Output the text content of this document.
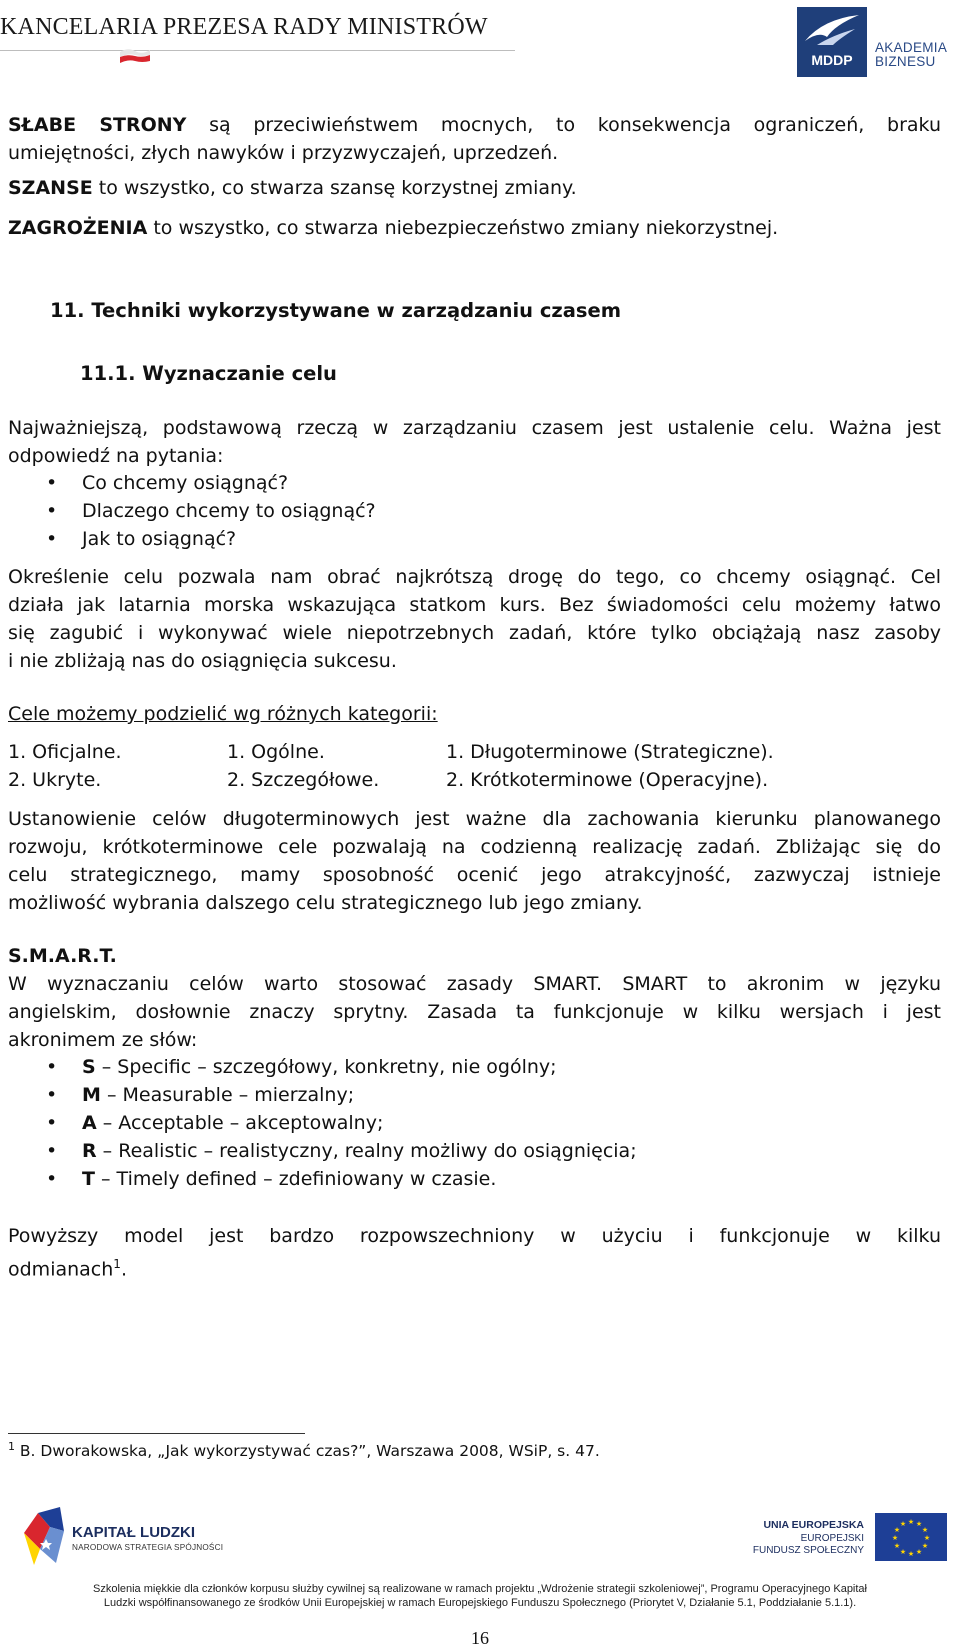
KANCELARIA PREZESA RADY MINISTRÓW
MDDP
AKADEMIA
BIZNESU
SŁABE STRONY są przeciwieństwem mocnych, to konsekwencja ograniczeń, braku
umiejętności, złych nawyków i przyzwyczajeń, uprzedzeń.
SZANSE to wszystko, co stwarza szansę korzystnej zmiany.
ZAGROŻENIA to wszystko, co stwarza niebezpieczeństwo zmiany niekorzystnej.
11. Techniki wykorzystywane w zarządzaniu czasem
11.1. Wyznaczanie celu
Najważniejszą, podstawową rzeczą w zarządzaniu czasem jest ustalenie celu. Ważna jest
odpowiedź na pytania:
• Co chcemy osiągnąć?
• Dlaczego chcemy to osiągnąć?
• Jak to osiągnąć?
Określenie celu pozwala nam obrać najkrótszą drogę do tego, co chcemy osiągnąć. Cel
działa jak latarnia morska wskazująca statkom kurs. Bez świadomości celu możemy łatwo
się zagubić i wykonywać wiele niepotrzebnych zadań, które tylko obciążają nasz zasoby
i nie zbliżają nas do osiągnięcia sukcesu.
Cele możemy podzielić wg różnych kategorii:
1. Oficjalne.
2. Ukryte.
1. Ogólne.
2. Szczegółowe.
1. Długoterminowe (Strategiczne).
2. Krótkoterminowe (Operacyjne).
Ustanowienie celów długoterminowych jest ważne dla zachowania kierunku planowanego
rozwoju, krótkoterminowe cele pozwalają na codzienną realizację zadań. Zbliżając się do
celu strategicznego, mamy sposobność ocenić jego atrakcyjność, zazwyczaj istnieje
możliwość wybrania dalszego celu strategicznego lub jego zmiany.
S.M.A.R.T.
W wyznaczaniu celów warto stosować zasady SMART. SMART to akronim w języku
angielskim, dosłownie znaczy sprytny. Zasada ta funkcjonuje w kilku wersjach i jest
akronimem ze słów:
• S – Specific – szczegółowy, konkretny, nie ogólny;
• M – Measurable – mierzalny;
• A – Acceptable – akceptowalny;
• R – Realistic – realistyczny, realny możliwy do osiągnięcia;
• T – Timely defined – zdefiniowany w czasie.
Powyższy model jest bardzo rozpowszechniony w użyciu i funkcjonuje w kilku
odmianach$^1$.
$^1$ B. Dworakowska, „Jak wykorzystywać czas?”, Warszawa 2008, WSiP, s. 47.
KAPITAŁ LUDZKI
NARODOWA STRATEGIA SPÓJNOŚCI
UNIA EUROPEJSKA
EUROPEJSKI
FUNDUSZ SPOŁECZNY
★ ★
★
★
★
★
★
★
★
★
★
★
Szkolenia miękkie dla członków korpusu służby cywilnej są realizowane w ramach projektu „Wdrożenie strategii szkoleniowej”, Programu Operacyjnego Kapitał
Ludzki współfinansowanego ze środków Unii Europejskiej w ramach Europejskiego Funduszu Społecznego (Priorytet V, Działanie 5.1, Poddziałanie 5.1.1).
16
